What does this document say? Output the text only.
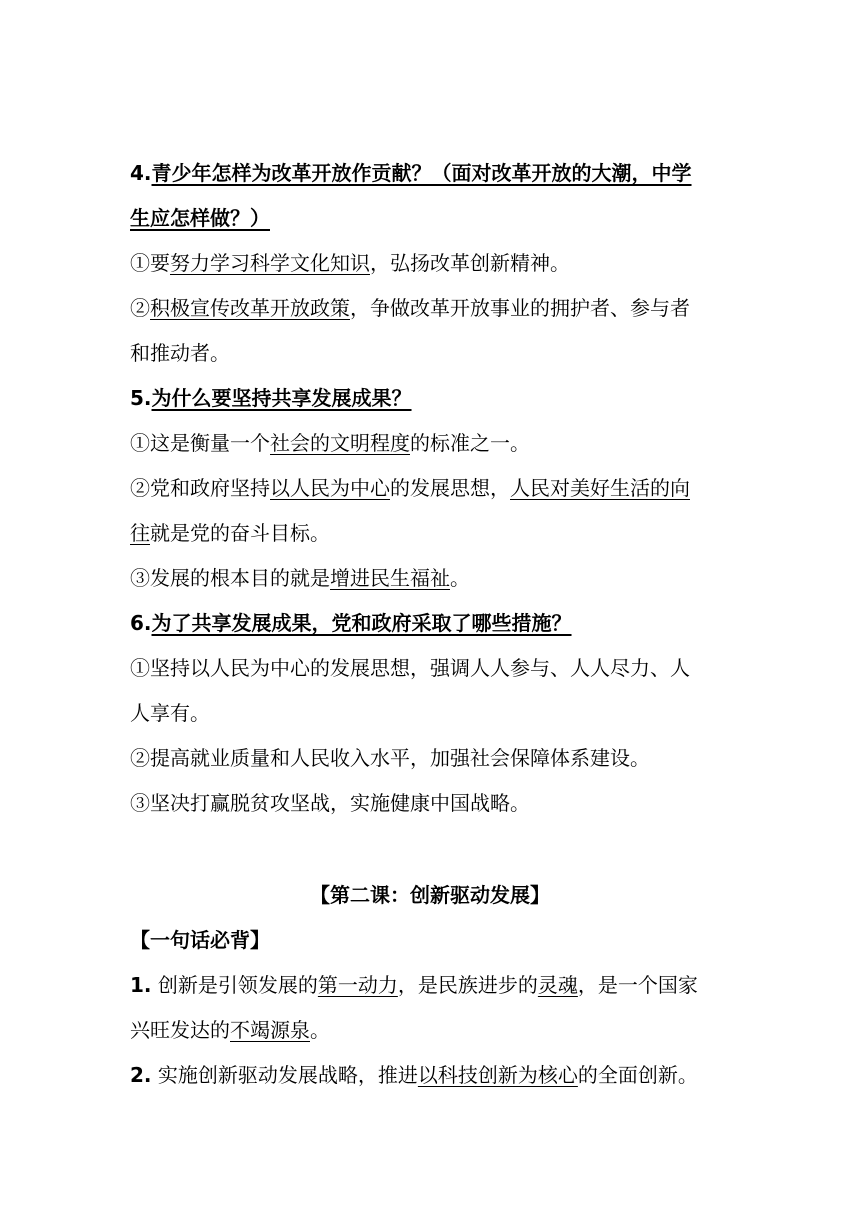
4.青少年怎样为改革开放作贡献？（面对改革开放的大潮，中学
生应怎样做？）
①要努力学习科学文化知识，弘扬改革创新精神。
②积极宣传改革开放政策，争做改革开放事业的拥护者、参与者
和推动者。
5.为什么要坚持共享发展成果？
①这是衡量一个社会的文明程度的标准之一。
②党和政府坚持以人民为中心的发展思想，人民对美好生活的向
往就是党的奋斗目标。
③发展的根本目的就是增进民生福祉。
6.为了共享发展成果，党和政府采取了哪些措施？
①坚持以人民为中心的发展思想，强调人人参与、人人尽力、人
人享有。
②提高就业质量和人民收入水平，加强社会保障体系建设。
③坚决打赢脱贫攻坚战，实施健康中国战略。
【第二课：创新驱动发展】
【一句话必背】
1. 创新是引领发展的第一动力，是民族进步的灵魂，是一个国家
兴旺发达的不竭源泉。
2. 实施创新驱动发展战略，推进以科技创新为核心的全面创新。
